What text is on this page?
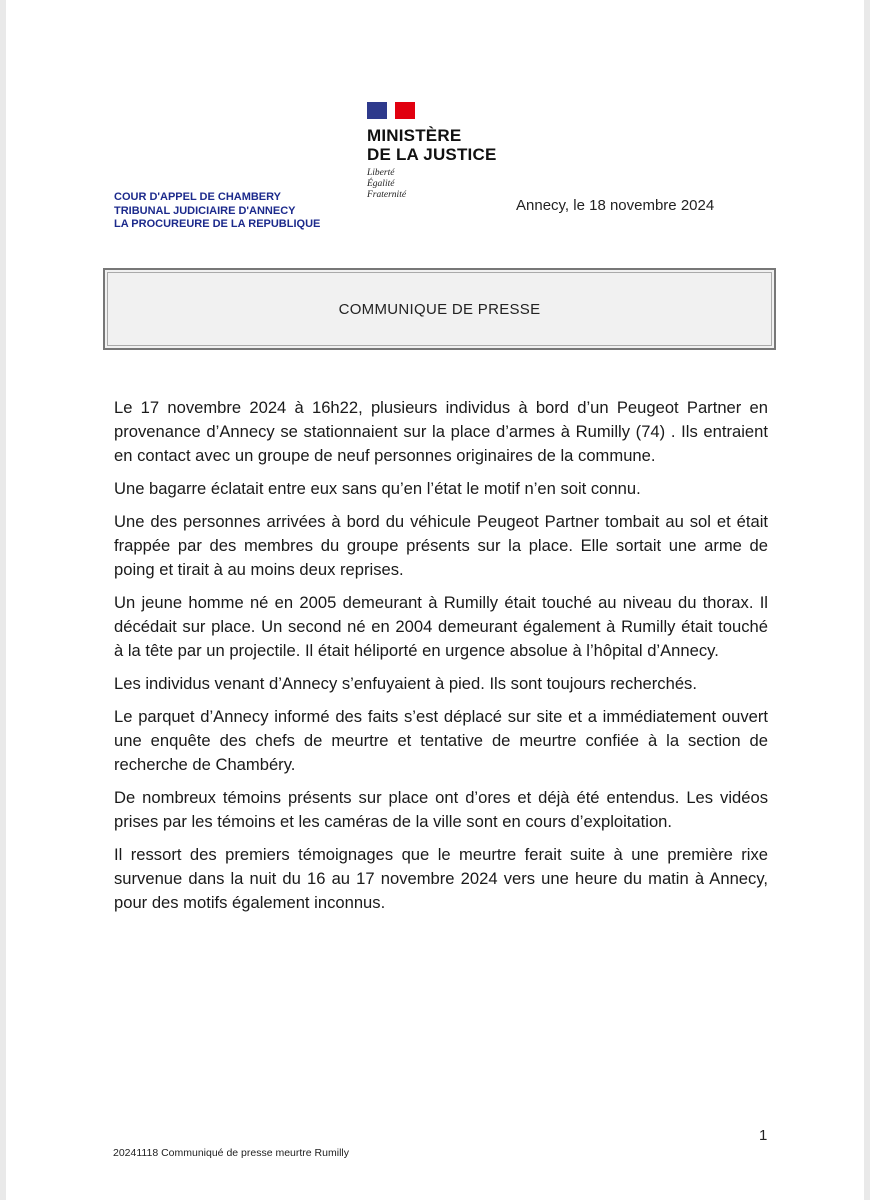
MINISTÈRE
DE LA JUSTICE
Liberté
Égalité
Fraternité
COUR D'APPEL DE CHAMBERY
TRIBUNAL JUDICIAIRE D'ANNECY
LA PROCUREURE DE LA REPUBLIQUE
Annecy, le 18 novembre 2024
COMMUNIQUE DE PRESSE

Le 17 novembre 2024 à 16h22, plusieurs individus à bord d’un Peugeot Partner en provenance d’Annecy se stationnaient sur la place d’armes à Rumilly (74) . Ils entraient en contact avec un groupe de neuf personnes originaires de la commune.

Une bagarre éclatait entre eux sans qu’en l’état le motif n’en soit connu.

Une des personnes arrivées à bord du véhicule Peugeot Partner tombait au sol et était frappée par des membres du groupe présents sur la place. Elle sortait une arme de poing et tirait à au moins deux reprises.

Un jeune homme né en 2005 demeurant à Rumilly était touché au niveau du thorax. Il décédait sur place. Un second né en 2004 demeurant également à Rumilly était touché à la tête par un projectile. Il était héliporté en urgence absolue à l’hôpital d’Annecy.

Les individus venant d’Annecy s’enfuyaient à pied. Ils sont toujours recherchés.

Le parquet d’Annecy informé des faits s’est déplacé sur site et a immédiatement ouvert une enquête des chefs de meurtre et tentative de meurtre confiée à la section de recherche de Chambéry.

De nombreux témoins présents sur place ont d’ores et déjà été entendus. Les vidéos prises par les témoins et les caméras de la ville sont en cours d’exploitation.

Il ressort des premiers témoignages que le meurtre ferait suite à une première rixe survenue dans la nuit du 16 au 17 novembre 2024 vers une heure du matin à Annecy, pour des motifs également inconnus.

1
20241118 Communiqué de presse meurtre Rumilly
